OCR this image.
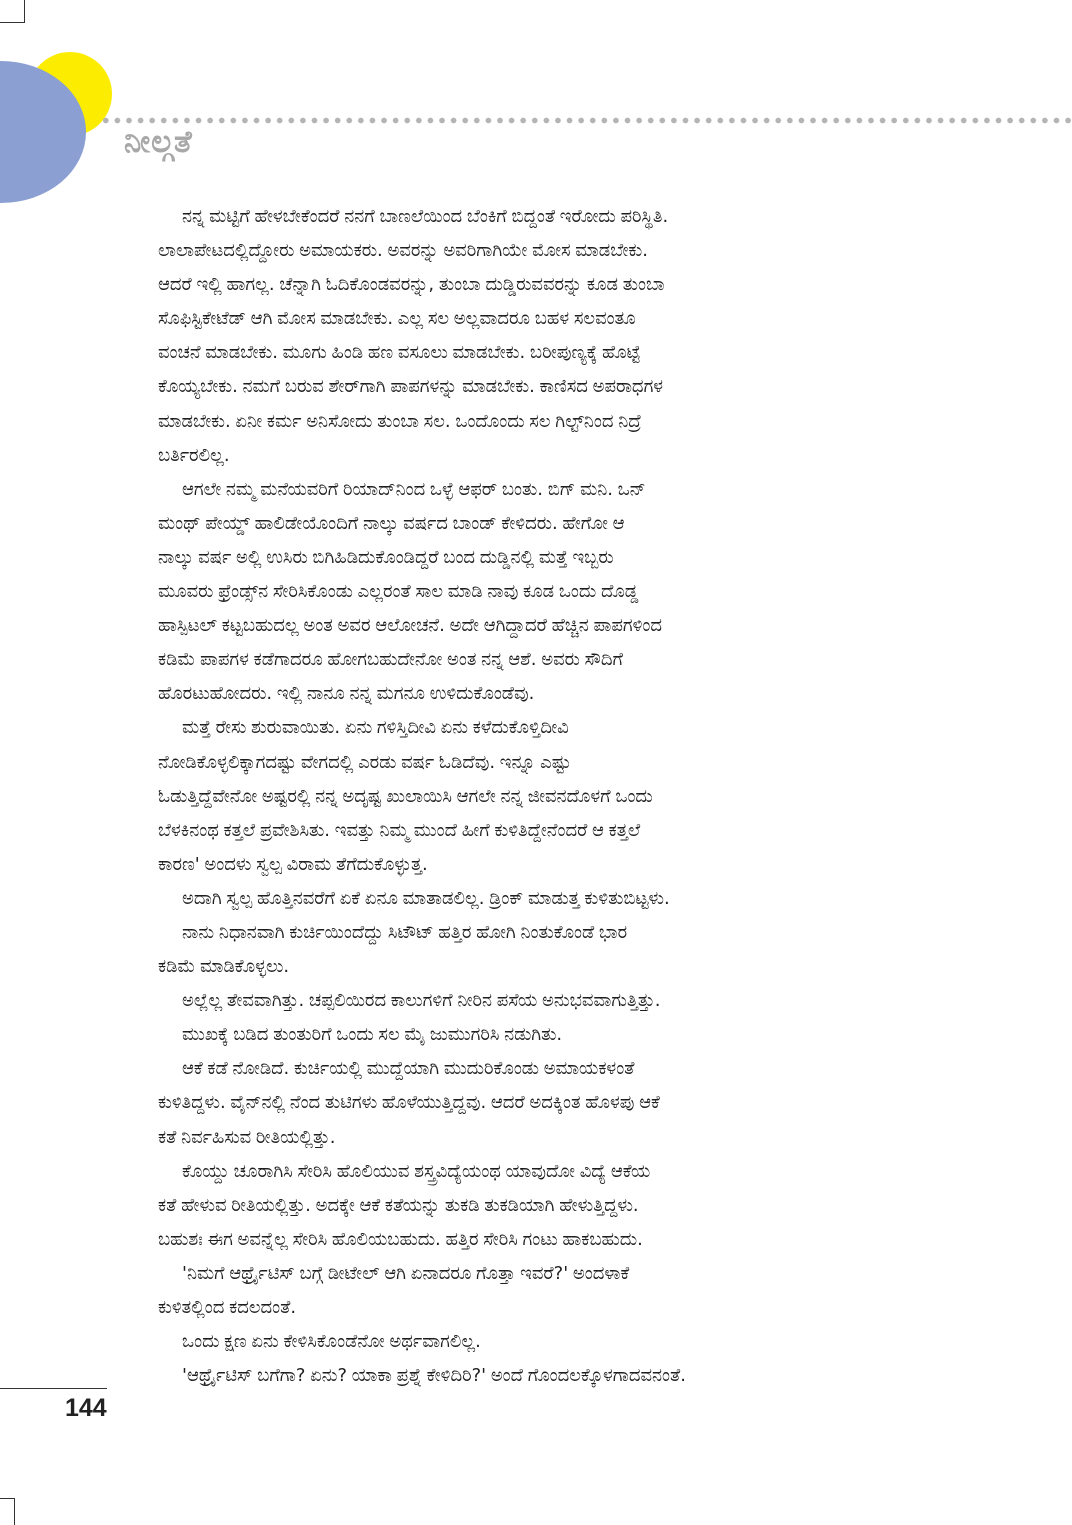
ನೀಲ್ಗತೆ
ನನ್ನ ಮಟ್ಟಿಗೆ ಹೇಳಬೇಕೆಂದರೆ ನನಗೆ ಬಾಣಲೆಯಿಂದ ಬೆಂಕಿಗೆ ಬಿದ್ದಂತೆ ಇರೋದು ಪರಿಸ್ಥಿತಿ.
ಲಾಲಾಪೇಟದಲ್ಲಿದ್ದೋರು ಅಮಾಯಕರು. ಅವರನ್ನು ಅವರಿಗಾಗಿಯೇ ಮೋಸ ಮಾಡಬೇಕು.
ಆದರೆ ಇಲ್ಲಿ ಹಾಗಲ್ಲ. ಚೆನ್ನಾಗಿ ಓದಿಕೊಂಡವರನ್ನು, ತುಂಬಾ ದುಡ್ಡಿರುವವರನ್ನು ಕೂಡ ತುಂಬಾ
ಸೊಫಿಸ್ಟಿಕೇಟೆಡ್ ಆಗಿ ಮೋಸ ಮಾಡಬೇಕು. ಎಲ್ಲ ಸಲ ಅಲ್ಲವಾದರೂ ಬಹಳ ಸಲವಂತೂ
ವಂಚನೆ ಮಾಡಬೇಕು. ಮೂಗು ಹಿಂಡಿ ಹಣ ವಸೂಲು ಮಾಡಬೇಕು. ಬರೀಪುಣ್ಯಕ್ಕೆ ಹೊಟ್ಟೆ
ಕೊಯ್ಯಬೇಕು. ನಮಗೆ ಬರುವ ಶೇರ್‌ಗಾಗಿ ಪಾಪಗಳನ್ನು ಮಾಡಬೇಕು. ಕಾಣಿಸದ ಅಪರಾಧಗಳ
ಮಾಡಬೇಕು. ಏನೀ ಕರ್ಮ ಅನಿಸೋದು ತುಂಬಾ ಸಲ. ಒಂದೊಂದು ಸಲ ಗಿಲ್ಟ್‌ನಿಂದ ನಿದ್ರೆ
ಬರ್ತಿರಲಿಲ್ಲ.
ಆಗಲೇ ನಮ್ಮ ಮನೆಯವರಿಗೆ ರಿಯಾದ್‌ನಿಂದ ಒಳ್ಳೆ ಆಫರ್ ಬಂತು. ಬಿಗ್ ಮನಿ. ಒನ್
ಮಂಥ್ ಪೇಯ್ಡ್ ಹಾಲಿಡೇಯೊಂದಿಗೆ ನಾಲ್ಕು ವರ್ಷದ ಬಾಂಡ್ ಕೇಳಿದರು. ಹೇಗೋ ಆ
ನಾಲ್ಕು ವರ್ಷ ಅಲ್ಲಿ ಉಸಿರು ಬಿಗಿಹಿಡಿದುಕೊಂಡಿದ್ದರೆ ಬಂದ ದುಡ್ಡಿನಲ್ಲಿ ಮತ್ತೆ ಇಬ್ಬರು
ಮೂವರು ಫ್ರೆಂಡ್ಸ್‌ನ ಸೇರಿಸಿಕೊಂಡು ಎಲ್ಲರಂತೆ ಸಾಲ ಮಾಡಿ ನಾವು ಕೂಡ ಒಂದು ದೊಡ್ಡ
ಹಾಸ್ಪಿಟಲ್ ಕಟ್ಟಬಹುದಲ್ಲ ಅಂತ ಅವರ ಆಲೋಚನೆ. ಅದೇ ಆಗಿದ್ದಾದರೆ ಹೆಚ್ಚಿನ ಪಾಪಗಳಿಂದ
ಕಡಿಮೆ ಪಾಪಗಳ ಕಡೆಗಾದರೂ ಹೋಗಬಹುದೇನೋ ಅಂತ ನನ್ನ ಆಶೆ. ಅವರು ಸೌದಿಗೆ
ಹೊರಟುಹೋದರು. ಇಲ್ಲಿ ನಾನೂ ನನ್ನ ಮಗನೂ ಉಳಿದುಕೊಂಡೆವು.
ಮತ್ತೆ ರೇಸು ಶುರುವಾಯಿತು. ಏನು ಗಳಿಸ್ತಿದೀವಿ ಏನು ಕಳೆದುಕೊಳ್ತಿದೀವಿ
ನೋಡಿಕೊಳ್ಳಲಿಕ್ಕಾಗದಷ್ಟು ವೇಗದಲ್ಲಿ ಎರಡು ವರ್ಷ ಓಡಿದೆವು. ಇನ್ನೂ ಎಷ್ಟು
ಓಡುತ್ತಿದ್ದೆವೇನೋ ಅಷ್ಟರಲ್ಲಿ ನನ್ನ ಅದೃಷ್ಟ ಖುಲಾಯಿಸಿ ಆಗಲೇ ನನ್ನ ಜೀವನದೊಳಗೆ ಒಂದು
ಬೆಳಕಿನಂಥ ಕತ್ತಲೆ ಪ್ರವೇಶಿಸಿತು. ಇವತ್ತು ನಿಮ್ಮ ಮುಂದೆ ಹೀಗೆ ಕುಳಿತಿದ್ದೇನೆಂದರೆ ಆ ಕತ್ತಲೆ
ಕಾರಣ' ಅಂದಳು ಸ್ವಲ್ಪ ವಿರಾಮ ತೆಗೆದುಕೊಳ್ಳುತ್ತ.
ಅದಾಗಿ ಸ್ವಲ್ಪ ಹೊತ್ತಿನವರೆಗೆ ಏಕೆ ಏನೂ ಮಾತಾಡಲಿಲ್ಲ. ಡ್ರಿಂಕ್ ಮಾಡುತ್ತ ಕುಳಿತುಬಿಟ್ಟಳು.
ನಾನು ನಿಧಾನವಾಗಿ ಕುರ್ಚಿಯಿಂದೆದ್ದು ಸಿಟೌಟ್ ಹತ್ತಿರ ಹೋಗಿ ನಿಂತುಕೊಂಡೆ ಭಾರ
ಕಡಿಮೆ ಮಾಡಿಕೊಳ್ಳಲು.
ಅಲ್ಲೆಲ್ಲ ತೇವವಾಗಿತ್ತು. ಚಪ್ಪಲಿಯಿರದ ಕಾಲುಗಳಿಗೆ ನೀರಿನ ಪಸೆಯ ಅನುಭವವಾಗುತ್ತಿತ್ತು.
ಮುಖಕ್ಕೆ ಬಡಿದ ತುಂತುರಿಗೆ ಒಂದು ಸಲ ಮೈ ಜುಮುಗರಿಸಿ ನಡುಗಿತು.
ಆಕೆ ಕಡೆ ನೋಡಿದೆ. ಕುರ್ಚಿಯಲ್ಲಿ ಮುದ್ದೆಯಾಗಿ ಮುದುರಿಕೊಂಡು ಅಮಾಯಕಳಂತೆ
ಕುಳಿತಿದ್ದಳು. ವೈನ್‌ನಲ್ಲಿ ನೆಂದ ತುಟಿಗಳು ಹೊಳೆಯುತ್ತಿದ್ದವು. ಆದರೆ ಅದಕ್ಕಿಂತ ಹೊಳಪು ಆಕೆ
ಕತೆ ನಿರ್ವಹಿಸುವ ರೀತಿಯಲ್ಲಿತ್ತು.
ಕೊಯ್ದು ಚೂರಾಗಿಸಿ ಸೇರಿಸಿ ಹೊಲಿಯುವ ಶಸ್ತ್ರವಿದ್ಯೆಯಂಥ ಯಾವುದೋ ವಿದ್ಯೆ ಆಕೆಯ
ಕತೆ ಹೇಳುವ ರೀತಿಯಲ್ಲಿತ್ತು. ಅದಕ್ಕೇ ಆಕೆ ಕತೆಯನ್ನು ತುಕಡಿ ತುಕಡಿಯಾಗಿ ಹೇಳುತ್ತಿದ್ದಳು.
ಬಹುಶಃ ಈಗ ಅವನ್ನೆಲ್ಲ ಸೇರಿಸಿ ಹೊಲಿಯಬಹುದು. ಹತ್ತಿರ ಸೇರಿಸಿ ಗಂಟು ಹಾಕಬಹುದು.
'ನಿಮಗೆ ಆರ್ಥ್ರೈಟಿಸ್ ಬಗ್ಗೆ ಡೀಟೇಲ್ ಆಗಿ ಏನಾದರೂ ಗೊತ್ತಾ ಇವರೆ?' ಅಂದಳಾಕೆ
ಕುಳಿತಲ್ಲಿಂದ ಕದಲದಂತೆ.
ಒಂದು ಕ್ಷಣ ಏನು ಕೇಳಿಸಿಕೊಂಡೆನೋ ಅರ್ಥವಾಗಲಿಲ್ಲ.
'ಆರ್ಥ್ರೈಟಿಸ್ ಬಗೆಗಾ? ಏನು? ಯಾಕಾ ಪ್ರಶ್ನೆ ಕೇಳಿದಿರಿ?' ಅಂದೆ ಗೊಂದಲಕ್ಕೊಳಗಾದವನಂತೆ.
144
